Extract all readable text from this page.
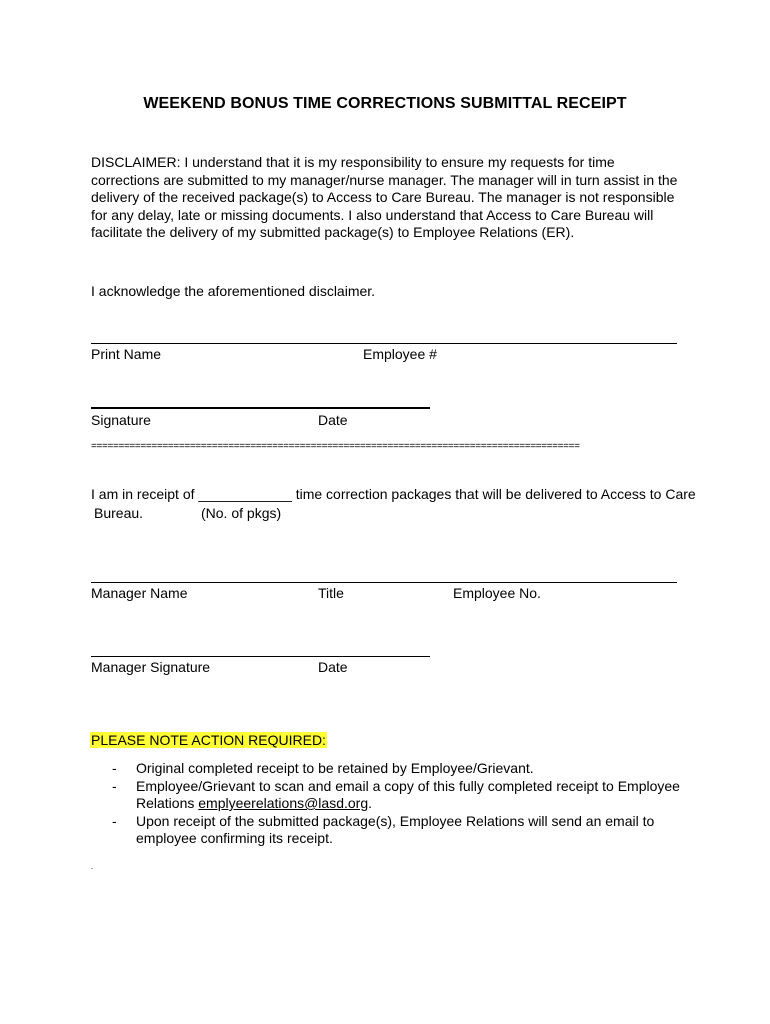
WEEKEND BONUS TIME CORRECTIONS SUBMITTAL RECEIPT

DISCLAIMER: I understand that it is my responsibility to ensure my requests for time

corrections are submitted to my manager/nurse manager. The manager will in turn assist in the

delivery of the received package(s) to Access to Care Bureau. The manager is not responsible

for any delay, late or missing documents. I also understand that Access to Care Bureau will

facilitate the delivery of my submitted package(s) to Employee Relations (ER).

I acknowledge the aforementioned disclaimer.
Print Name	Employee #
Signature	Date
=========================================================================================
I am in receipt of ____________ time correction packages that will be delivered to Access to Care
Bureau.	(No. of pkgs)
Manager Name	Title	Employee No.
Manager Signature	Date
PLEASE NOTE ACTION REQUIRED:
-	Original completed receipt to be retained by Employee/Grievant.
-	Employee/Grievant to scan and email a copy of this fully completed receipt to Employee Relations emplyeerelations@lasd.org.
-	Upon receipt of the submitted package(s), Employee Relations will send an email to employee confirming its receipt.
.
